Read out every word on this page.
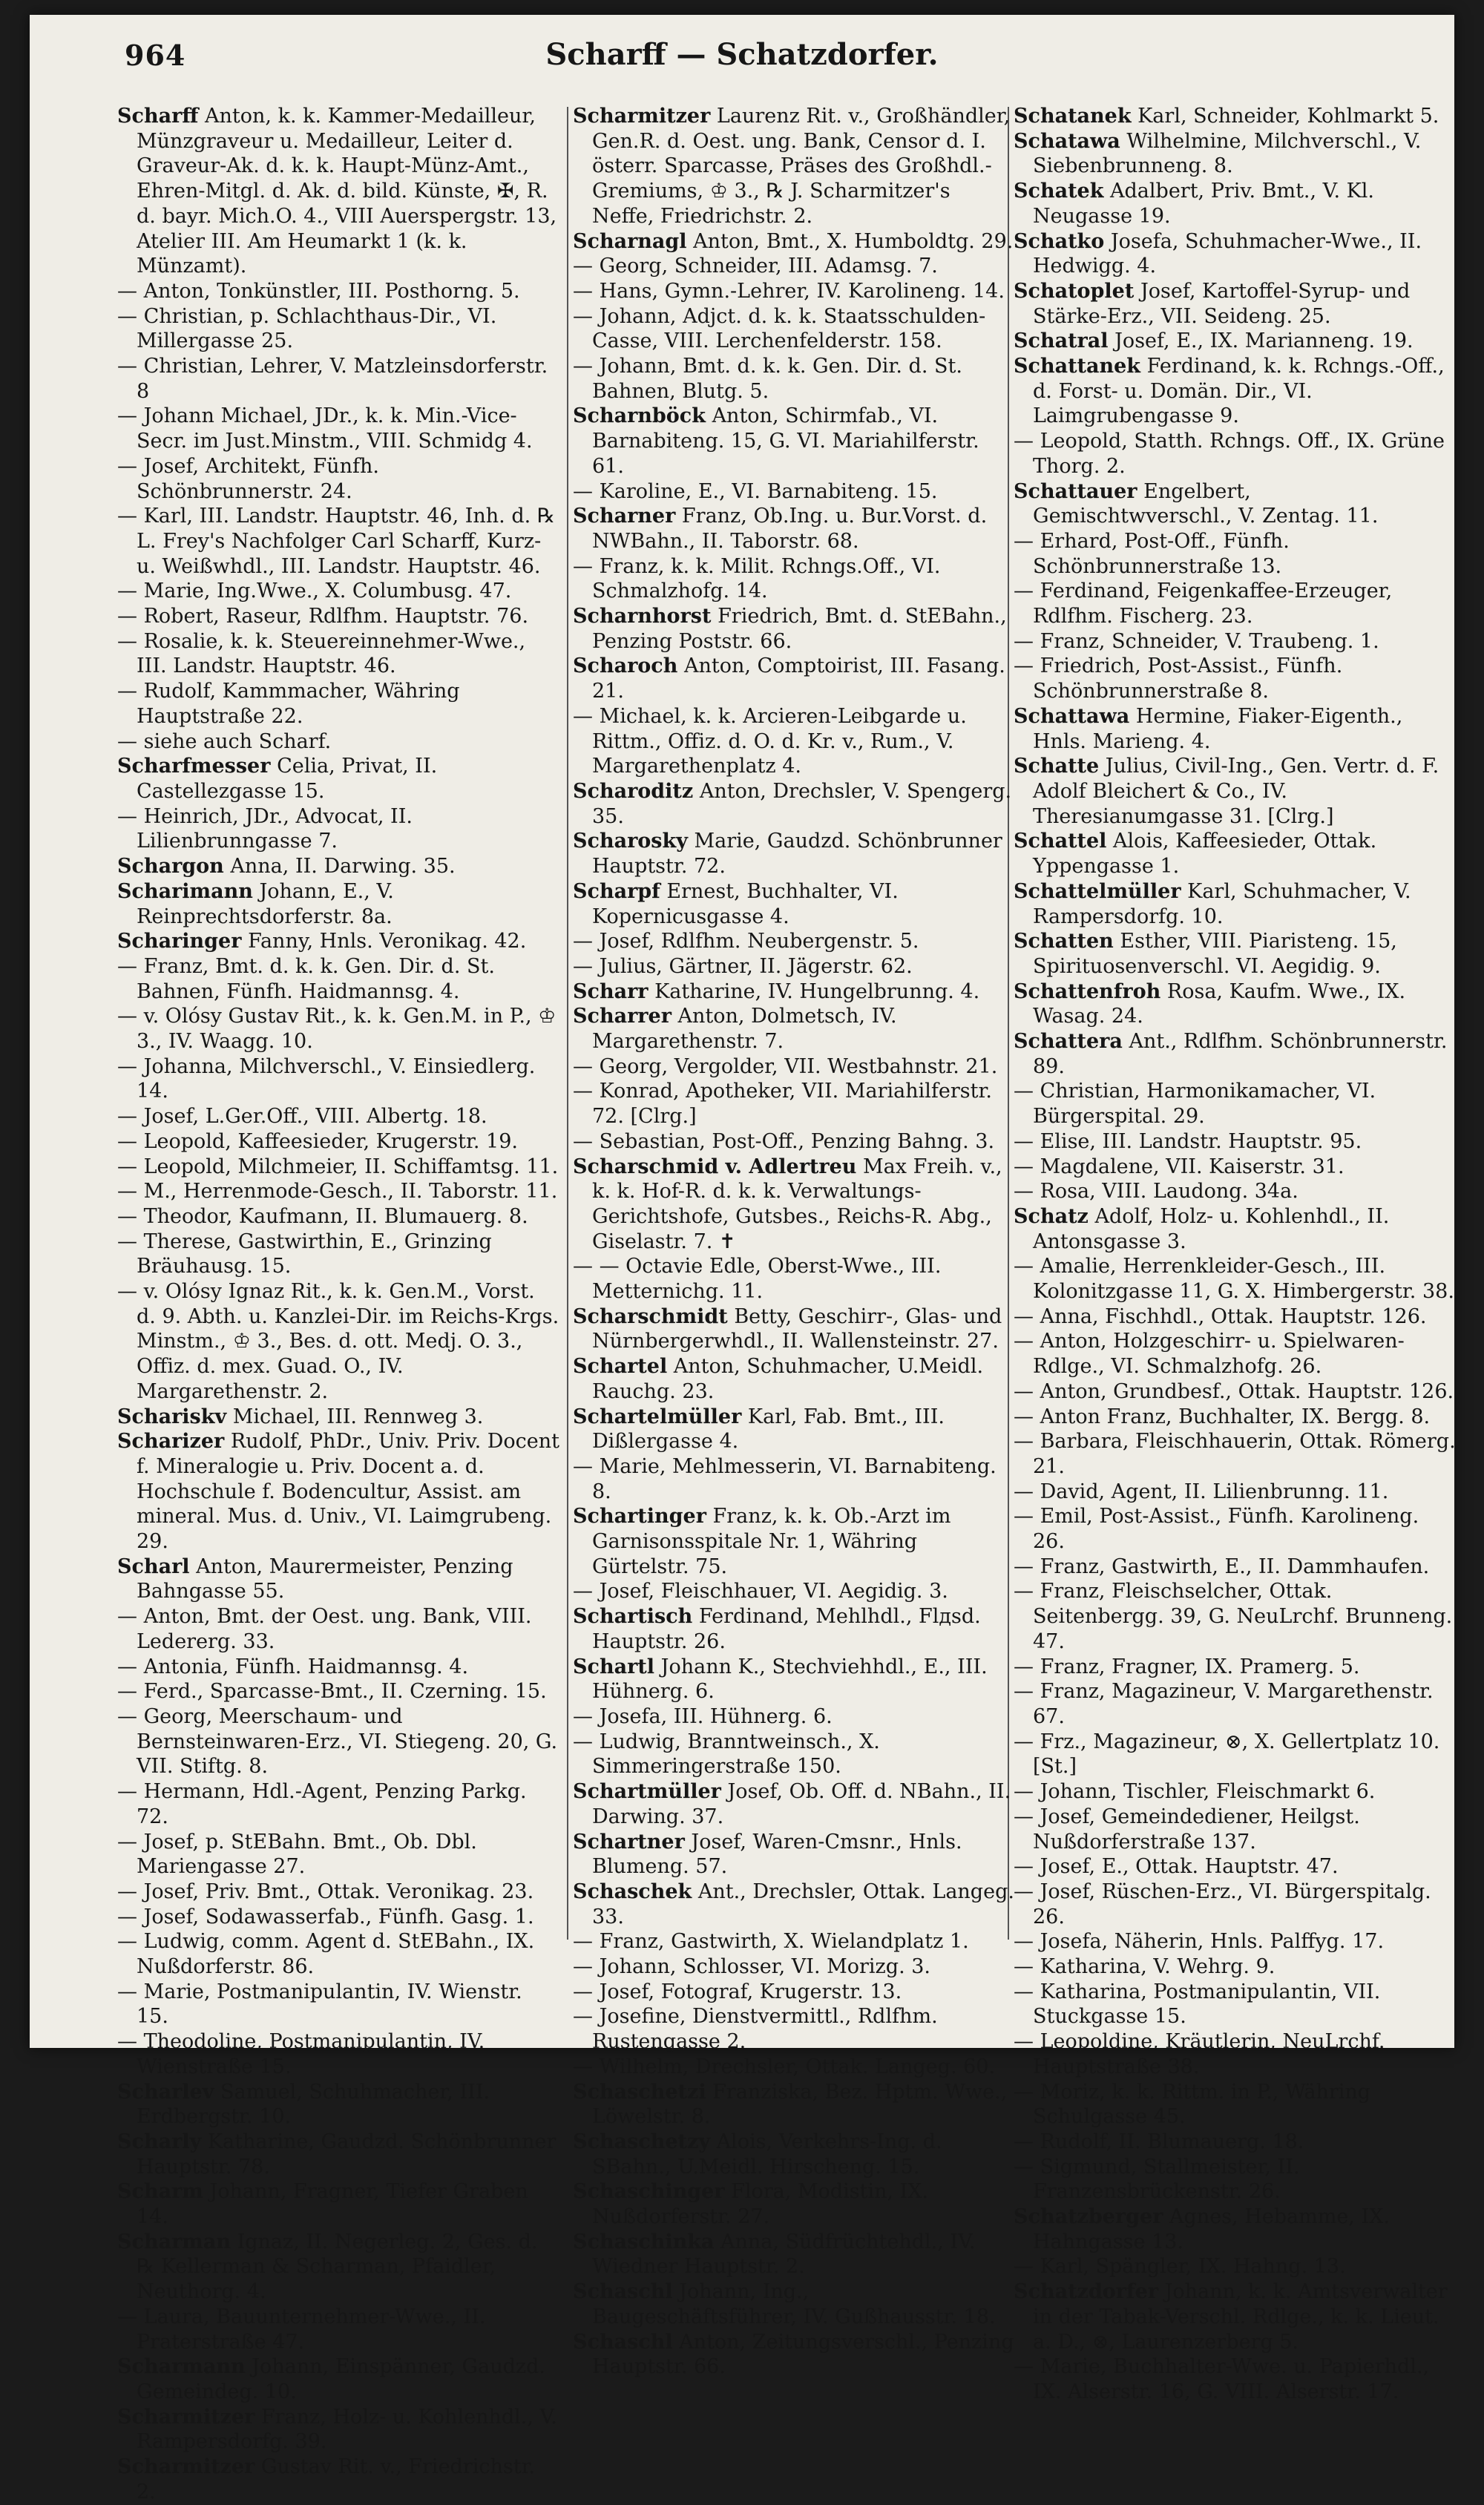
964	Scharff — Schatzdorfer.

Scharff Anton, k. k. Kammer-Medailleur, Münzgraveur u. Medailleur, Leiter d. Graveur-Ak. d. k. k. Haupt-Münz-Amt., Ehren-Mitgl. d. Ak. d. bild. Künste, ✠, R. d. bayr. Mich.O. 4., VIII Auerspergstr. 13, Atelier III. Am Heumarkt 1 (k. k. Münzamt).

— Anton, Tonkünstler, III. Posthorng. 5.

— Christian, p. Schlachthaus-Dir., VI. Millergasse 25.

— Christian, Lehrer, V. Matzleinsdorferstr. 8

— Johann Michael, JDr., k. k. Min.-Vice-Secr. im Just.Minstm., VIII. Schmidg 4.

— Josef, Architekt, Fünfh. Schönbrunnerstr. 24.

— Karl, III. Landstr. Hauptstr. 46, Inh. d. ℞ L. Frey's Nachfolger Carl Scharff, Kurz- u. Weißwhdl., III. Landstr. Hauptstr. 46.

— Marie, Ing.Wwe., X. Columbusg. 47.

— Robert, Raseur, Rdlfhm. Hauptstr. 76.

— Rosalie, k. k. Steuereinnehmer-Wwe., III. Landstr. Hauptstr. 46.

— Rudolf, Kammmacher, Währing Hauptstraße 22.

— siehe auch Scharf.

Scharfmesser Celia, Privat, II. Castellezgasse 15.

— Heinrich, JDr., Advocat, II. Lilienbrunngasse 7.

Schargon Anna, II. Darwing. 35.

Scharimann Johann, E., V. Reinprechtsdorferstr. 8a.

Scharinger Fanny, Hnls. Veronikag. 42.

— Franz, Bmt. d. k. k. Gen. Dir. d. St. Bahnen, Fünfh. Haidmannsg. 4.

— v. Olósy Gustav Rit., k. k. Gen.M. in P., ♔ 3., IV. Waagg. 10.

— Johanna, Milchverschl., V. Einsiedlerg. 14.

— Josef, L.Ger.Off., VIII. Albertg. 18.

— Leopold, Kaffeesieder, Krugerstr. 19.

— Leopold, Milchmeier, II. Schiffamtsg. 11.

— M., Herrenmode-Gesch., II. Taborstr. 11.

— Theodor, Kaufmann, II. Blumauerg. 8.

— Therese, Gastwirthin, E., Grinzing Bräuhausg. 15.

— v. Olósy Ignaz Rit., k. k. Gen.M., Vorst. d. 9. Abth. u. Kanzlei-Dir. im Reichs-Krgs. Minstm., ♔ 3., Bes. d. ott. Medj. O. 3., Offiz. d. mex. Guad. O., IV. Margarethenstr. 2.

Schariskv Michael, III. Rennweg 3.

Scharizer Rudolf, PhDr., Univ. Priv. Docent f. Mineralogie u. Priv. Docent a. d. Hochschule f. Bodencultur, Assist. am mineral. Mus. d. Univ., VI. Laimgrubeng. 29.

Scharl Anton, Maurermeister, Penzing Bahngasse 55.

— Anton, Bmt. der Oest. ung. Bank, VIII. Ledererg. 33.

— Antonia, Fünfh. Haidmannsg. 4.

— Ferd., Sparcasse-Bmt., II. Czerning. 15.

— Georg, Meerschaum- und Bernsteinwaren-Erz., VI. Stiegeng. 20, G. VII. Stiftg. 8.

— Hermann, Hdl.-Agent, Penzing Parkg. 72.

— Josef, p. StEBahn. Bmt., Ob. Dbl. Mariengasse 27.

— Josef, Priv. Bmt., Ottak. Veronikag. 23.

— Josef, Sodawasserfab., Fünfh. Gasg. 1.

— Ludwig, comm. Agent d. StEBahn., IX. Nußdorferstr. 86.

— Marie, Postmanipulantin, IV. Wienstr. 15.

— Theodoline, Postmanipulantin, IV. Wienstraße 15.

Scharlev Samuel, Schuhmacher, III. Erdbergstr. 10.

Scharly Katharine, Gaudzd. Schönbrunner Hauptstr. 78.

Scharm Johann, Fragner, Tiefer Graben 14.

Scharman Ignaz, II. Negerleg. 2, Ges. d. ℞ Kellerman & Scharman, Pfaidler, Neuthorg. 4.

— Laura, Bauunternehmer-Wwe., II. Praterstraße 47.

Scharmann Johann, Einspänner, Gaudzd. Gemeindeg. 10.

Scharmitzer Franz, Holz- u. Kohlenhdl., V. Rampersdorfg. 39.

Scharmitzer Gustav Rit. v., Friedrichstr. 2.

Scharmitzer Laurenz Rit. v., Großhändler, Gen.R. d. Oest. ung. Bank, Censor d. I. österr. Sparcasse, Präses des Großhdl.-Gremiums, ♔ 3., ℞ J. Scharmitzer's Neffe, Friedrichstr. 2.

Scharnagl Anton, Bmt., X. Humboldtg. 29.

— Georg, Schneider, III. Adamsg. 7.

— Hans, Gymn.-Lehrer, IV. Karolineng. 14.

— Johann, Adjct. d. k. k. Staatsschulden-Casse, VIII. Lerchenfelderstr. 158.

— Johann, Bmt. d. k. k. Gen. Dir. d. St. Bahnen, Blutg. 5.

Scharnböck Anton, Schirmfab., VI. Barnabiteng. 15, G. VI. Mariahilferstr. 61.

— Karoline, E., VI. Barnabiteng. 15.

Scharner Franz, Ob.Ing. u. Bur.Vorst. d. NWBahn., II. Taborstr. 68.

— Franz, k. k. Milit. Rchngs.Off., VI. Schmalzhofg. 14.

Scharnhorst Friedrich, Bmt. d. StEBahn., Penzing Poststr. 66.

Scharoch Anton, Comptoirist, III. Fasang. 21.

— Michael, k. k. Arcieren-Leibgarde u. Rittm., Offiz. d. O. d. Kr. v., Rum., V. Margarethenplatz 4.

Scharoditz Anton, Drechsler, V. Spengerg. 35.

Scharosky Marie, Gaudzd. Schönbrunner Hauptstr. 72.

Scharpf Ernest, Buchhalter, VI. Kopernicusgasse 4.

— Josef, Rdlfhm. Neubergenstr. 5.

— Julius, Gärtner, II. Jägerstr. 62.

Scharr Katharine, IV. Hungelbrunng. 4.

Scharrer Anton, Dolmetsch, IV. Margarethenstr. 7.

— Georg, Vergolder, VII. Westbahnstr. 21.

— Konrad, Apotheker, VII. Mariahilferstr. 72. [Clrg.]

— Sebastian, Post-Off., Penzing Bahng. 3.

Scharschmid v. Adlertreu Max Freih. v., k. k. Hof-R. d. k. k. Verwaltungs-Gerichtshofe, Gutsbes., Reichs-R. Abg., Giselastr. 7. ✝

— — Octavie Edle, Oberst-Wwe., III. Metternichg. 11.

Scharschmidt Betty, Geschirr-, Glas- und Nürnbergerwhdl., II. Wallensteinstr. 27.

Schartel Anton, Schuhmacher, U.Meidl. Rauchg. 23.

Schartelmüller Karl, Fab. Bmt., III. Dißlergasse 4.

— Marie, Mehlmesserin, VI. Barnabiteng. 8.

Schartinger Franz, k. k. Ob.-Arzt im Garnisonsspitale Nr. 1, Währing Gürtelstr. 75.

— Josef, Fleischhauer, VI. Aegidig. 3.

Schartisch Ferdinand, Mehlhdl., Flдsd. Hauptstr. 26.

Schartl Johann K., Stechviehhdl., E., III. Hühnerg. 6.

— Josefa, III. Hühnerg. 6.

— Ludwig, Branntweinsch., X. Simmeringerstraße 150.

Schartmüller Josef, Ob. Off. d. NBahn., II. Darwing. 37.

Schartner Josef, Waren-Cmsnr., Hnls. Blumeng. 57.

Schaschek Ant., Drechsler, Ottak. Langeg. 33.

— Franz, Gastwirth, X. Wielandplatz 1.

— Johann, Schlosser, VI. Morizg. 3.

— Josef, Fotograf, Krugerstr. 13.

— Josefine, Dienstvermittl., Rdlfhm. Rustengasse 2.

— Wilhelm, Drechsler, Ottak. Langeg. 60.

Schaschetzi Franziska, Bez. Hptm. Wwe., Löwelstr. 8.

Schaschetzy Alois, Verkehrs-Ing. d. SBahn., U.Meidl. Hirscheng. 15.

Schaschinger Flora, Modistin, IX. Nußdorferstr. 27.

Schaschinka Anna, Südfrüchtehdl., IV. Wiedner Hauptstr. 2.

Schaschl Johann, Ing., Baugeschäftsführer, IV. Gußhausstr. 18.

Schaschl Anton, Zeitungsverschl., Penzing Hauptstr. 66.

Schatanek Karl, Schneider, Kohlmarkt 5.

Schatawa Wilhelmine, Milchverschl., V. Siebenbrunneng. 8.

Schatek Adalbert, Priv. Bmt., V. Kl. Neugasse 19.

Schatko Josefa, Schuhmacher-Wwe., II. Hedwigg. 4.

Schatoplet Josef, Kartoffel-Syrup- und Stärke-Erz., VII. Seideng. 25.

Schatral Josef, E., IX. Marianneng. 19.

Schattanek Ferdinand, k. k. Rchngs.-Off., d. Forst- u. Domän. Dir., VI. Laimgrubengasse 9.

— Leopold, Statth. Rchngs. Off., IX. Grüne Thorg. 2.

Schattauer Engelbert, Gemischtwverschl., V. Zentag. 11.

— Erhard, Post-Off., Fünfh. Schönbrunnerstraße 13.

— Ferdinand, Feigenkaffee-Erzeuger, Rdlfhm. Fischerg. 23.

— Franz, Schneider, V. Traubeng. 1.

— Friedrich, Post-Assist., Fünfh. Schönbrunnerstraße 8.

Schattawa Hermine, Fiaker-Eigenth., Hnls. Marieng. 4.

Schatte Julius, Civil-Ing., Gen. Vertr. d. F. Adolf Bleichert & Co., IV. Theresianumgasse 31. [Clrg.]

Schattel Alois, Kaffeesieder, Ottak. Yppengasse 1.

Schattelmüller Karl, Schuhmacher, V. Rampersdorfg. 10.

Schatten Esther, VIII. Piaristeng. 15, Spirituosenverschl. VI. Aegidig. 9.

Schattenfroh Rosa, Kaufm. Wwe., IX. Wasag. 24.

Schattera Ant., Rdlfhm. Schönbrunnerstr. 89.

— Christian, Harmonikamacher, VI. Bürgerspital. 29.

— Elise, III. Landstr. Hauptstr. 95.

— Magdalene, VII. Kaiserstr. 31.

— Rosa, VIII. Laudong. 34a.

Schatz Adolf, Holz- u. Kohlenhdl., II. Antonsgasse 3.

— Amalie, Herrenkleider-Gesch., III. Kolonitzgasse 11, G. X. Himbergerstr. 38.

— Anna, Fischhdl., Ottak. Hauptstr. 126.

— Anton, Holzgeschirr- u. Spielwaren-Rdlge., VI. Schmalzhofg. 26.

— Anton, Grundbesf., Ottak. Hauptstr. 126.

— Anton Franz, Buchhalter, IX. Bergg. 8.

— Barbara, Fleischhauerin, Ottak. Römerg. 21.

— David, Agent, II. Lilienbrunng. 11.

— Emil, Post-Assist., Fünfh. Karolineng. 26.

— Franz, Gastwirth, E., II. Dammhaufen.

— Franz, Fleischselcher, Ottak. Seitenbergg. 39, G. NeuLrchf. Brunneng. 47.

— Franz, Fragner, IX. Pramerg. 5.

— Franz, Magazineur, V. Margarethenstr. 67.

— Frz., Magazineur, ⊗, X. Gellertplatz 10. [St.]

— Johann, Tischler, Fleischmarkt 6.

— Josef, Gemeindediener, Heilgst. Nußdorferstraße 137.

— Josef, E., Ottak. Hauptstr. 47.

— Josef, Rüschen-Erz., VI. Bürgerspitalg. 26.

— Josefa, Näherin, Hnls. Palffyg. 17.

— Katharina, V. Wehrg. 9.

— Katharina, Postmanipulantin, VII. Stuckgasse 15.

— Leopoldine, Kräutlerin, NeuLrchf. Hauptstraße 38.

— Moriz, k. k. Rittm. in P., Währing Schulgasse 45.

— Rudolf, II. Blumauerg. 18.

— Sigmund, Stallmeister, II. Franzensbrückenstr. 26.

Schatzberger Agnes, Hebamme, IX. Hahngasse 13.

— Karl, Spängler, IX. Hahng. 13.

Schatzdorfer Johann, k. k. Amtsverwalter in der Tabak-Verschl. Rdlge., k. k. Lieut. a. D., ⊗, Laurenzerberg 5.

— Marie, Buchhalter-Wwe. u. Papierhdl., IX. Alserstr. 16, G. VIII. Alserstr. 17.
